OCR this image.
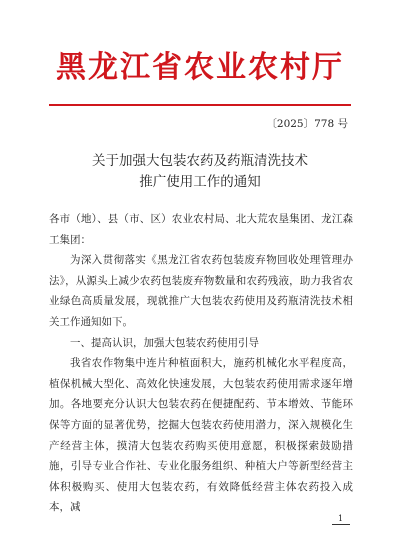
黑龙江省农业农村厅
〔2025〕778 号
关于加强大包装农药及药瓶清洗技术
推广使用工作的通知

各市（地）、县（市、区）农业农村局、北大荒农垦集团、龙江森工集团：

为深入贯彻落实《黑龙江省农药包装废弃物回收处理管理办法》，从源头上减少农药包装废弃物数量和农药残液，助力我省农业绿色高质量发展，现就推广大包装农药使用及药瓶清洗技术相关工作通知如下。

一、提高认识，加强大包装农药使用引导

我省农作物集中连片种植面积大，施药机械化水平程度高，植保机械大型化、高效化快速发展，大包装农药使用需求逐年增加。各地要充分认识大包装农药在便捷配药、节本增效、节能环保等方面的显著优势，挖掘大包装农药使用潜力，深入规模化生产经营主体，摸清大包装农药购买使用意愿，积极探索鼓励措施，引导专业合作社、专业化服务组织、种植大户等新型经营主体积极购买、使用大包装农药，有效降低经营主体农药投入成本，减

1
